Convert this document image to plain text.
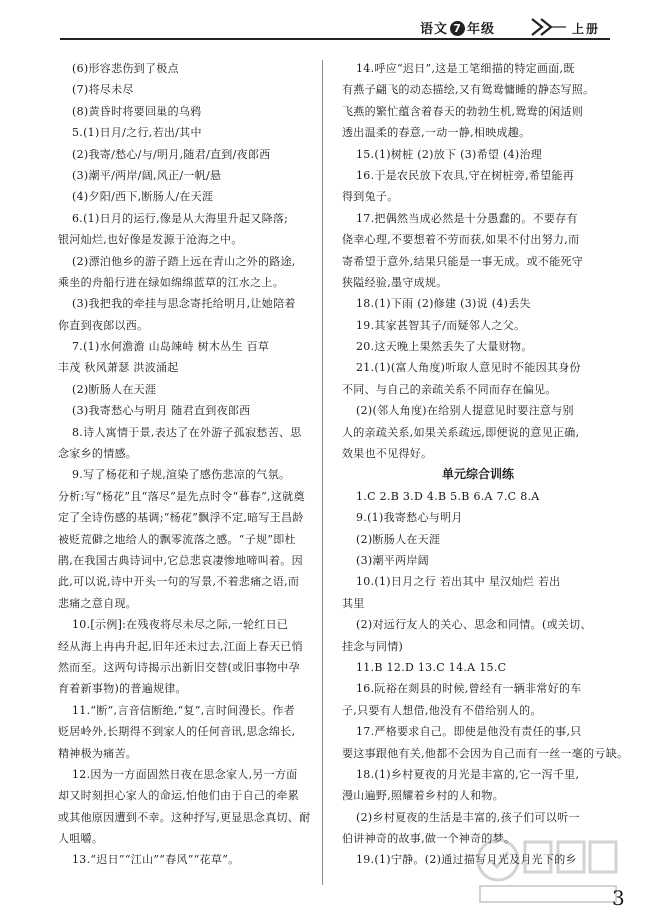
语文 7 年级	上册
(6)形容悲伤到了极点
(7)将尽未尽
(8)黄昏时将要回巢的乌鸦
5.(1)日月/之行,若出/其中
(2)我寄/愁心/与/明月,随君/直到/夜郎西
(3)潮平/两岸/阔,风正/一帆/悬
(4)夕阳/西下,断肠人/在天涯
6.(1)日月的运行,像是从大海里升起又降落;
银河灿烂,也好像是发源于沧海之中。
(2)漂泊他乡的游子踏上远在青山之外的路途,
乘坐的舟船行进在绿如绵绵蓝草的江水之上。
(3)我把我的牵挂与思念寄托给明月,让她陪着
你直到夜郎以西。
7.(1)水何澹澹 山岛竦峙 树木丛生 百草
丰茂 秋风萧瑟 洪波涌起
(2)断肠人在天涯
(3)我寄愁心与明月 随君直到夜郎西
8.诗人寓情于景,表达了在外游子孤寂愁苦、思
念家乡的情感。
9.写了杨花和子规,渲染了感伤悲凉的气氛。
分析:写“杨花”且“落尽”是先点时令“暮春”,这就奠
定了全诗伤感的基调;“杨花”飘浮不定,暗写王昌龄
被贬荒僻之地给人的飘零流落之感。“子规”即杜
鹃,在我国古典诗词中,它总悲哀凄惨地啼叫着。因
此,可以说,诗中开头一句的写景,不着悲痛之语,而
悲痛之意自现。
10.[示例]:在残夜将尽未尽之际,一轮红日已
经从海上冉冉升起,旧年还未过去,江面上春天已悄
然而至。这两句诗揭示出新旧交替(或旧事物中孕
育着新事物)的普遍规律。
11.“断”,言音信断绝,“复”,言时间漫长。作者
贬居岭外,长期得不到家人的任何音讯,思念绵长,
精神极为痛苦。
12.因为一方面固然日夜在思念家人,另一方面
却又时刻担心家人的命运,怕他们由于自己的牵累
或其他原因遭到不幸。这种抒写,更显思念真切、耐
人咀嚼。
13.“迟日”“江山”“春风”“花草”。
14.呼应“迟日”,这是工笔细描的特定画面,既
有燕子翩飞的动态描绘,又有鸳鸯慵睡的静态写照。
飞燕的繁忙蕴含着春天的勃勃生机,鸳鸯的闲适则
透出温柔的春意,一动一静,相映成趣。
15.(1)树桩 (2)放下 (3)希望 (4)治理
16.于是农民放下农具,守在树桩旁,希望能再
得到兔子。
17.把偶然当成必然是十分愚蠢的。不要存有
侥幸心理,不要想着不劳而获,如果不付出努力,而
寄希望于意外,结果只能是一事无成。或不能死守
狭隘经验,墨守成规。
18.(1)下雨 (2)修建 (3)说 (4)丢失
19.其家甚智其子/而疑邻人之父。
20.这天晚上果然丢失了大量财物。
21.(1)(富人角度)听取人意见时不能因其身份
不同、与自己的亲疏关系不同而存在偏见。
(2)(邻人角度)在给别人提意见时要注意与别
人的亲疏关系,如果关系疏远,即便说的意见正确,
效果也不见得好。
单元综合训练
1.C 2.B 3.D 4.B 5.B 6.A 7.C 8.A
9.(1)我寄愁心与明月
(2)断肠人在天涯
(3)潮平两岸阔
10.(1)日月之行 若出其中 星汉灿烂 若出
其里
(2)对远行友人的关心、思念和同情。(或关切、
挂念与同情)
11.B 12.D 13.C 14.A 15.C
16.阮裕在剡县的时候,曾经有一辆非常好的车
子,只要有人想借,他没有不借给别人的。
17.严格要求自己。即使是他没有责任的事,只
要这事跟他有关,他都不会因为自己而有一丝一毫的亏缺。
18.(1)乡村夏夜的月光是丰富的,它一泻千里,
漫山遍野,照耀着乡村的人和物。
(2)乡村夏夜的生活是丰富的,孩子们可以听一
伯讲神奇的故事,做一个神奇的梦。
19.(1)宁静。(2)通过描写月光及月光下的乡
3
